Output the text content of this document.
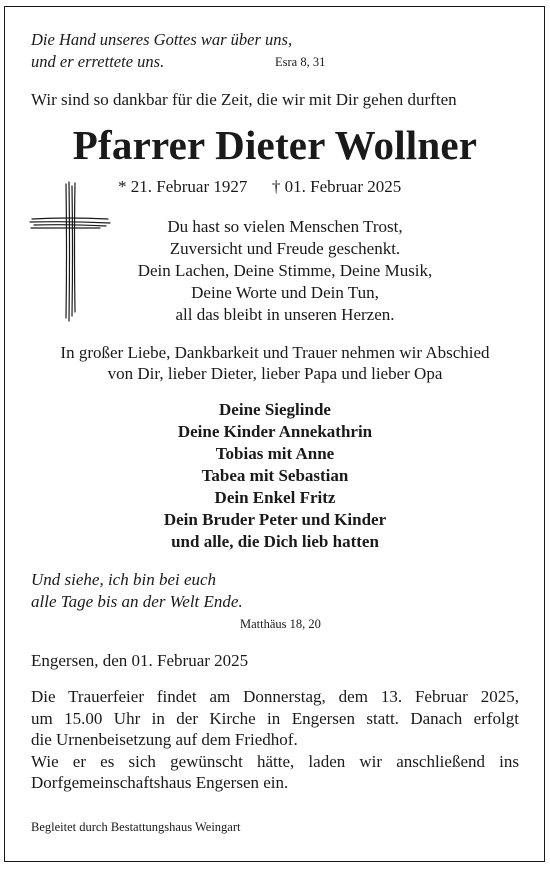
Die Hand unseres Gottes war über uns,
und er errettete uns.	Esra 8, 31
Wir sind so dankbar für die Zeit, die wir mit Dir gehen durften
Pfarrer Dieter Wollner
* 21. Februar 1927 † 01. Februar 2025
Du hast so vielen Menschen Trost,
Zuversicht und Freude geschenkt.
Dein Lachen, Deine Stimme, Deine Musik,
Deine Worte und Dein Tun,
all das bleibt in unseren Herzen.
In großer Liebe, Dankbarkeit und Trauer nehmen wir Abschied
von Dir, lieber Dieter, lieber Papa und lieber Opa
Deine Sieglinde
Deine Kinder Annekathrin
Tobias mit Anne
Tabea mit Sebastian
Dein Enkel Fritz
Dein Bruder Peter und Kinder
und alle, die Dich lieb hatten
Und siehe, ich bin bei euch
alle Tage bis an der Welt Ende.
Matthäus 18, 20
Engersen, den 01. Februar 2025
Die Trauerfeier findet am Donnerstag, dem 13. Februar 2025,
um 15.00 Uhr in der Kirche in Engersen statt. Danach erfolgt
die Urnenbeisetzung auf dem Friedhof.
Wie er es sich gewünscht hätte, laden wir anschließend ins
Dorfgemeinschaftshaus Engersen ein.
Begleitet durch Bestattungshaus Weingart
